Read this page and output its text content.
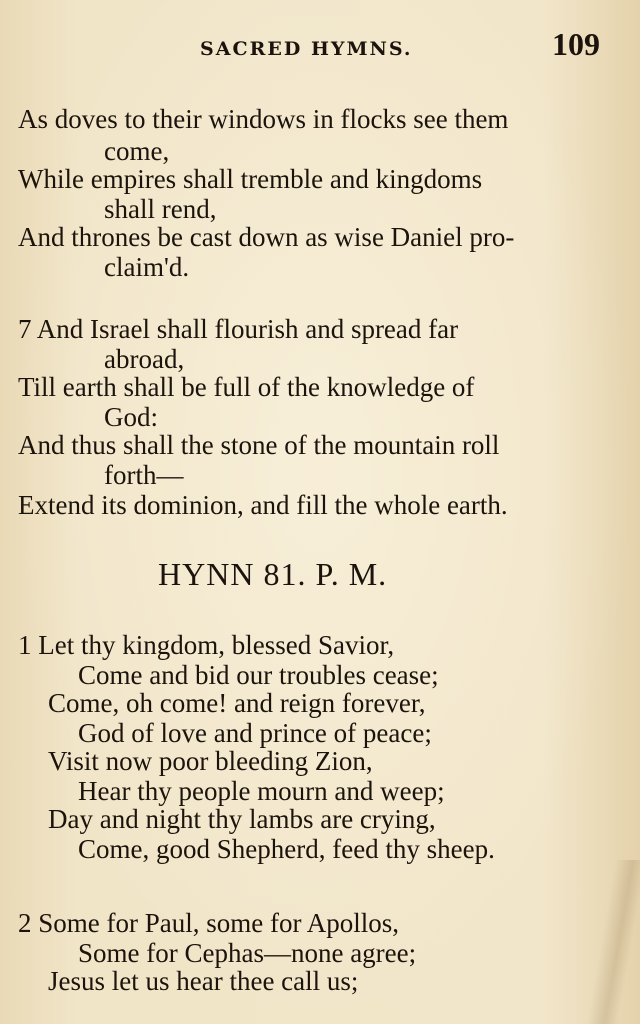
SACRED HYMNS.	109
As doves to their windows in flocks see them
come,
While empires shall tremble and kingdoms
shall rend,
And thrones be cast down as wise Daniel pro-
claim'd.
7 And Israel shall flourish and spread far
abroad,
Till earth shall be full of the knowledge of
God:
And thus shall the stone of the mountain roll
forth—
Extend its dominion, and fill the whole earth.
HYNN 81. P. M.
1 Let thy kingdom, blessed Savior,
Come and bid our troubles cease;
Come, oh come! and reign forever,
God of love and prince of peace;
Visit now poor bleeding Zion,
Hear thy people mourn and weep;
Day and night thy lambs are crying,
Come, good Shepherd, feed thy sheep.
2 Some for Paul, some for Apollos,
Some for Cephas—none agree;
Jesus let us hear thee call us;
